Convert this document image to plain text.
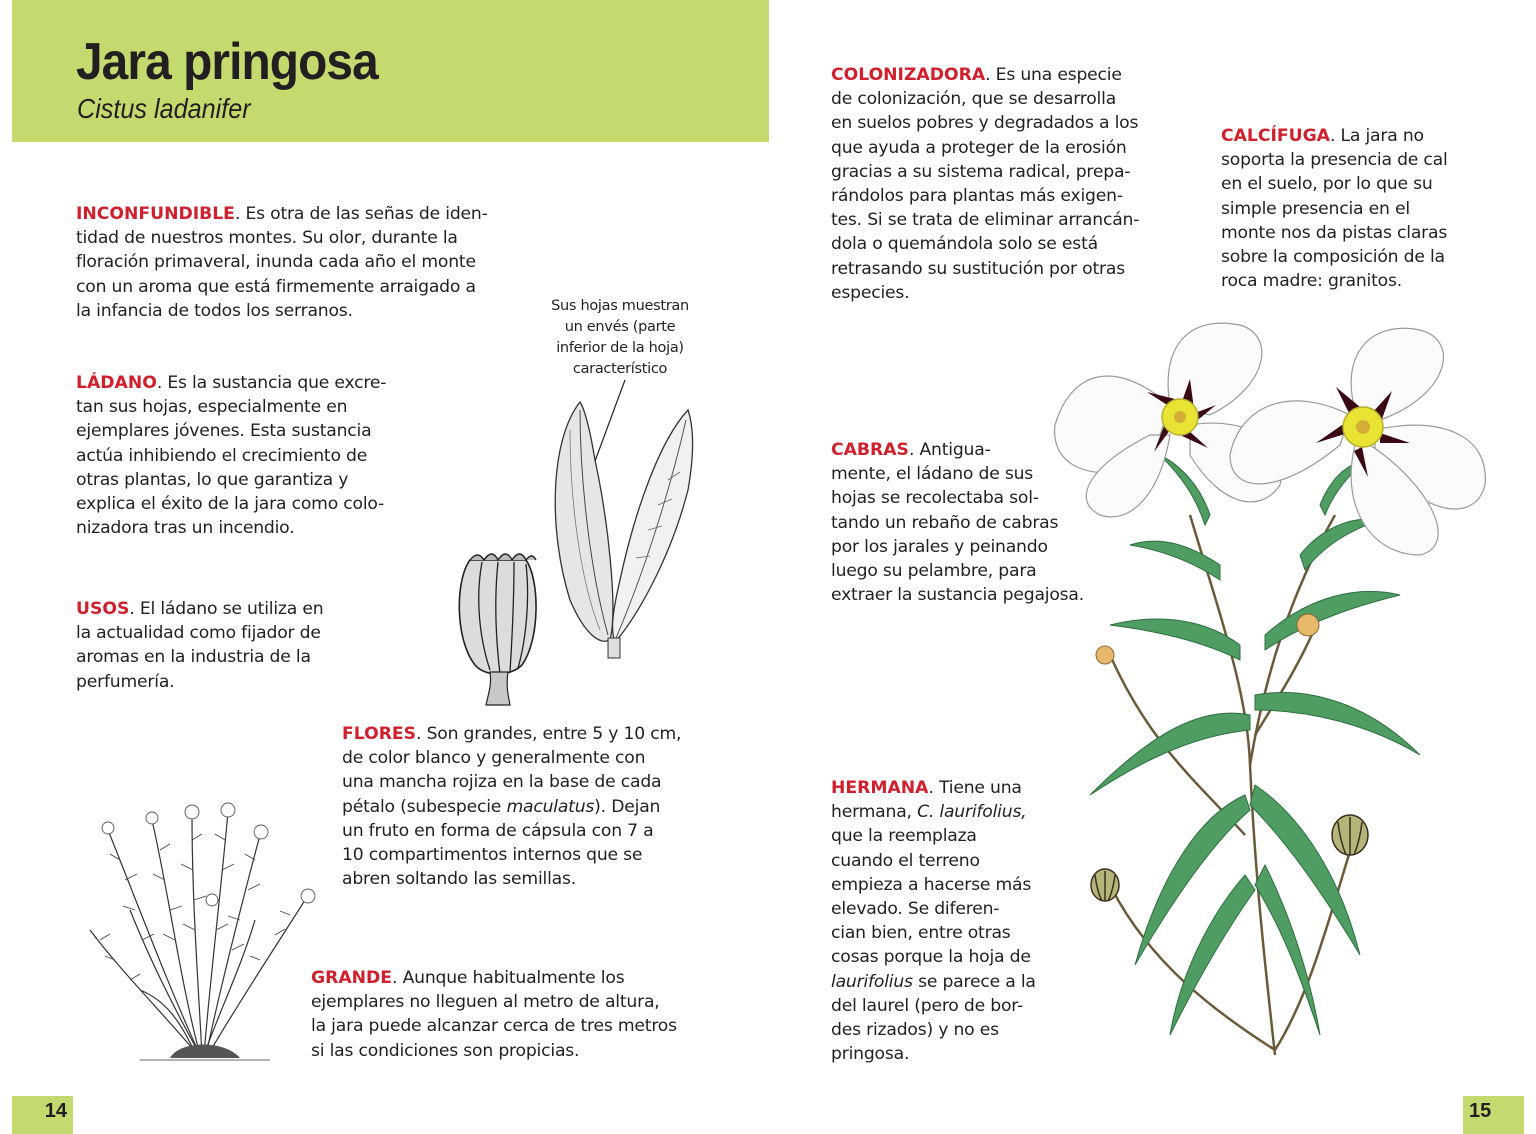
Jara pringosa
Cistus ladanifer
INCONFUNDIBLE. Es otra de las señas de iden-
tidad de nuestros montes. Su olor, durante la
floración primaveral, inunda cada año el monte
con un aroma que está firmemente arraigado a
la infancia de todos los serranos.
LÁDANO. Es la sustancia que excre-
tan sus hojas, especialmente en
ejemplares jóvenes. Esta sustancia
actúa inhibiendo el crecimiento de
otras plantas, lo que garantiza y
explica el éxito de la jara como colo-
nizadora tras un incendio.
USOS. El ládano se utiliza en
la actualidad como fijador de
aromas en la industria de la
perfumería.
Sus hojas muestran
un envés (parte
inferior de la hoja)
característico
FLORES. Son grandes, entre 5 y 10 cm,
de color blanco y generalmente con
una mancha rojiza en la base de cada
pétalo (subespecie maculatus). Dejan
un fruto en forma de cápsula con 7 a
10 compartimentos internos que se
abren soltando las semillas.
GRANDE. Aunque habitualmente los
ejemplares no lleguen al metro de altura,
la jara puede alcanzar cerca de tres metros
si las condiciones son propicias.
14	15
COLONIZADORA. Es una especie
de colonización, que se desarrolla
en suelos pobres y degradados a los
que ayuda a proteger de la erosión
gracias a su sistema radical, prepa-
rándolos para plantas más exigen-
tes. Si se trata de eliminar arrancán-
dola o quemándola solo se está
retrasando su sustitución por otras
especies.
CALCÍFUGA. La jara no
soporta la presencia de cal
en el suelo, por lo que su
simple presencia en el
monte nos da pistas claras
sobre la composición de la
roca madre: granitos.
CABRAS. Antigua-
mente, el ládano de sus
hojas se recolectaba sol-
tando un rebaño de cabras
por los jarales y peinando
luego su pelambre, para
extraer la sustancia pegajosa.
HERMANA. Tiene una
hermana, C. laurifolius,
que la reemplaza
cuando el terreno
empieza a hacerse más
elevado. Se diferen-
cian bien, entre otras
cosas porque la hoja de
laurifolius se parece a la
del laurel (pero de bor-
des rizados) y no es
pringosa.
